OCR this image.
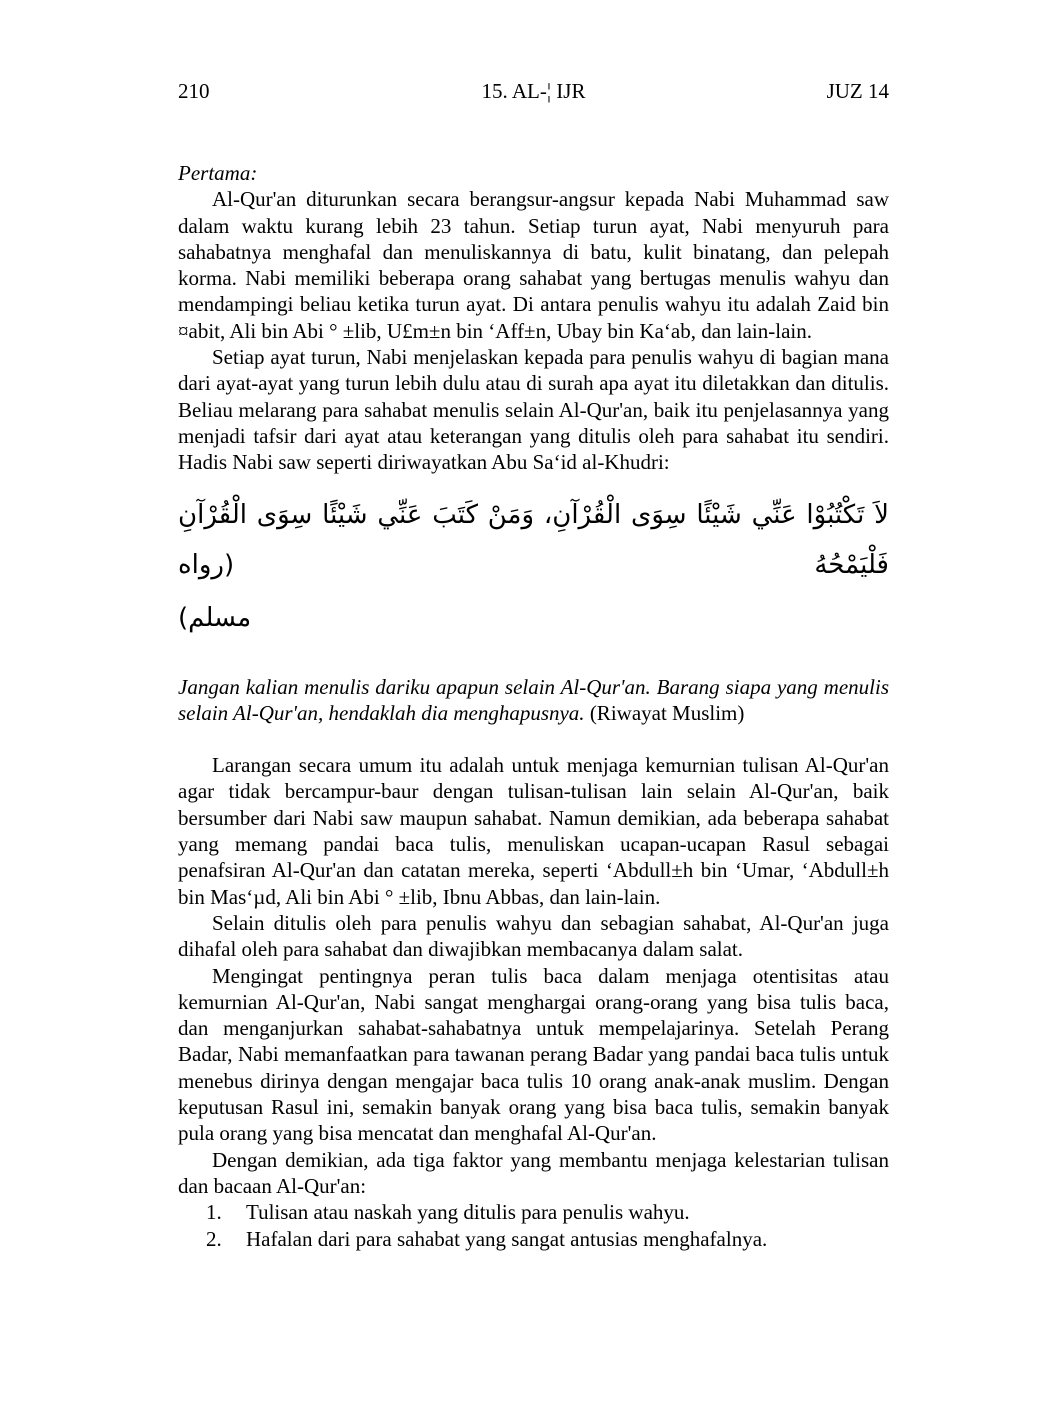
210	15. AL-¦ IJR	JUZ 14

Pertama:

Al-Qur'an diturunkan secara berangsur-angsur kepada Nabi Muhammad saw dalam waktu kurang lebih 23 tahun. Setiap turun ayat, Nabi menyuruh para sahabatnya menghafal dan menuliskannya di batu, kulit binatang, dan pelepah korma. Nabi memiliki beberapa orang sahabat yang bertugas menulis wahyu dan mendampingi beliau ketika turun ayat. Di antara penulis wahyu itu adalah Zaid bin ¤abit, Ali bin Abi ° ±lib, U£m±n bin ‘Aff±n, Ubay bin Ka‘ab, dan lain-lain.

Setiap ayat turun, Nabi menjelaskan kepada para penulis wahyu di bagian mana dari ayat-ayat yang turun lebih dulu atau di surah apa ayat itu diletakkan dan ditulis. Beliau melarang para sahabat menulis selain Al-Qur'an, baik itu penjelasannya yang menjadi tafsir dari ayat atau keterangan yang ditulis oleh para sahabat itu sendiri. Hadis Nabi saw seperti diriwayatkan Abu Sa‘id al-Khudri:

لاَ تَكْتُبُوْا عَنِّي شَيْئًا سِوَى الْقُرْآنِ، وَمَنْ كَتَبَ عَنِّي شَيْئًا سِوَى الْقُرْآنِ فَلْيَمْحُهُ (رواه
مسلم)

Jangan kalian menulis dariku apapun selain Al-Qur'an. Barang siapa yang menulis selain Al-Qur'an, hendaklah dia menghapusnya. (Riwayat Muslim)

Larangan secara umum itu adalah untuk menjaga kemurnian tulisan Al-Qur'an agar tidak bercampur-baur dengan tulisan-tulisan lain selain Al-Qur'an, baik bersumber dari Nabi saw maupun sahabat. Namun demikian, ada beberapa sahabat yang memang pandai baca tulis, menuliskan ucapan-ucapan Rasul sebagai penafsiran Al-Qur'an dan catatan mereka, seperti ‘Abdull±h bin ‘Umar, ‘Abdull±h bin Mas‘µd, Ali bin Abi ° ±lib, Ibnu Abbas, dan lain-lain.

Selain ditulis oleh para penulis wahyu dan sebagian sahabat, Al-Qur'an juga dihafal oleh para sahabat dan diwajibkan membacanya dalam salat.

Mengingat pentingnya peran tulis baca dalam menjaga otentisitas atau kemurnian Al-Qur'an, Nabi sangat menghargai orang-orang yang bisa tulis baca, dan menganjurkan sahabat-sahabatnya untuk mempelajarinya. Setelah Perang Badar, Nabi memanfaatkan para tawanan perang Badar yang pandai baca tulis untuk menebus dirinya dengan mengajar baca tulis 10 orang anak-anak muslim. Dengan keputusan Rasul ini, semakin banyak orang yang bisa baca tulis, semakin banyak pula orang yang bisa mencatat dan menghafal Al-Qur'an.

Dengan demikian, ada tiga faktor yang membantu menjaga kelestarian tulisan dan bacaan Al-Qur'an:

1.	Tulisan atau naskah yang ditulis para penulis wahyu.
2.	Hafalan dari para sahabat yang sangat antusias menghafalnya.
